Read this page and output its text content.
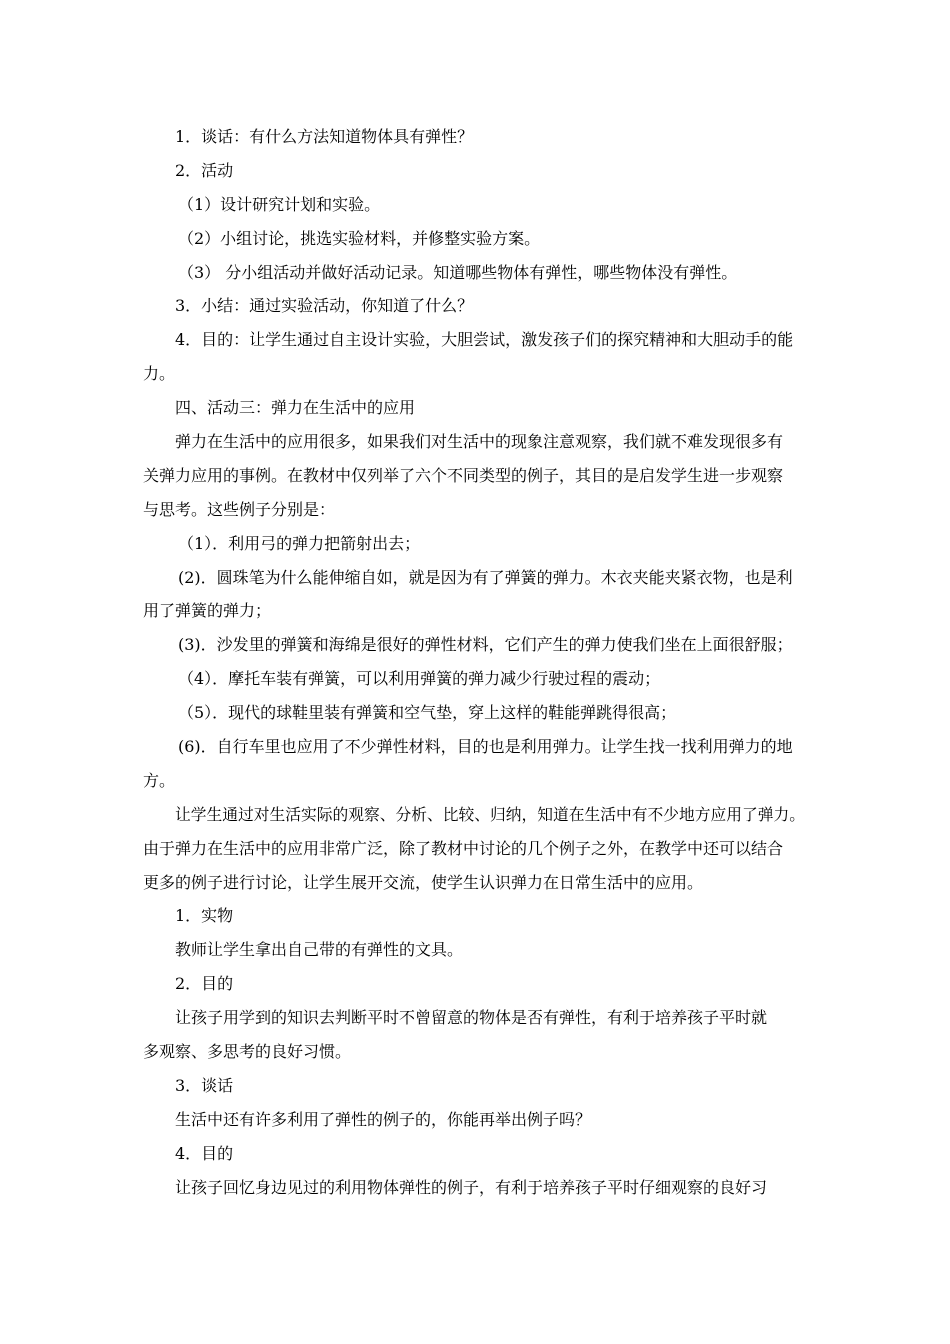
1．谈话：有什么方法知道物体具有弹性？
2．活动
（1）设计研究计划和实验。
（2）小组讨论，挑选实验材料，并修整实验方案。
（3） 分小组活动并做好活动记录。知道哪些物体有弹性，哪些物体没有弹性。
3．小结：通过实验活动，你知道了什么？
4．目的：让学生通过自主设计实验，大胆尝试，激发孩子们的探究精神和大胆动手的能
力。
四、活动三：弹力在生活中的应用
弹力在生活中的应用很多，如果我们对生活中的现象注意观察，我们就不难发现很多有
关弹力应用的事例。在教材中仅列举了六个不同类型的例子，其目的是启发学生进一步观察
与思考。这些例子分别是：
（1）．利用弓的弹力把箭射出去；
(2)．圆珠笔为什么能伸缩自如，就是因为有了弹簧的弹力。木衣夹能夹紧衣物，也是利
用了弹簧的弹力；
(3)．沙发里的弹簧和海绵是很好的弹性材料，它们产生的弹力使我们坐在上面很舒服；
（4）．摩托车装有弹簧，可以利用弹簧的弹力减少行驶过程的震动；
（5）．现代的球鞋里装有弹簧和空气垫，穿上这样的鞋能弹跳得很高；
(6)．自行车里也应用了不少弹性材料，目的也是利用弹力。让学生找一找利用弹力的地
方。
让学生通过对生活实际的观察、分析、比较、归纳，知道在生活中有不少地方应用了弹力。
由于弹力在生活中的应用非常广泛，除了教材中讨论的几个例子之外，在教学中还可以结合
更多的例子进行讨论，让学生展开交流，使学生认识弹力在日常生活中的应用。
1．实物
教师让学生拿出自己带的有弹性的文具。
2．目的
让孩子用学到的知识去判断平时不曾留意的物体是否有弹性，有利于培养孩子平时就
多观察、多思考的良好习惯。
3．谈话
生活中还有许多利用了弹性的例子的，你能再举出例子吗？
4．目的
让孩子回忆身边见过的利用物体弹性的例子，有利于培养孩子平时仔细观察的良好习
